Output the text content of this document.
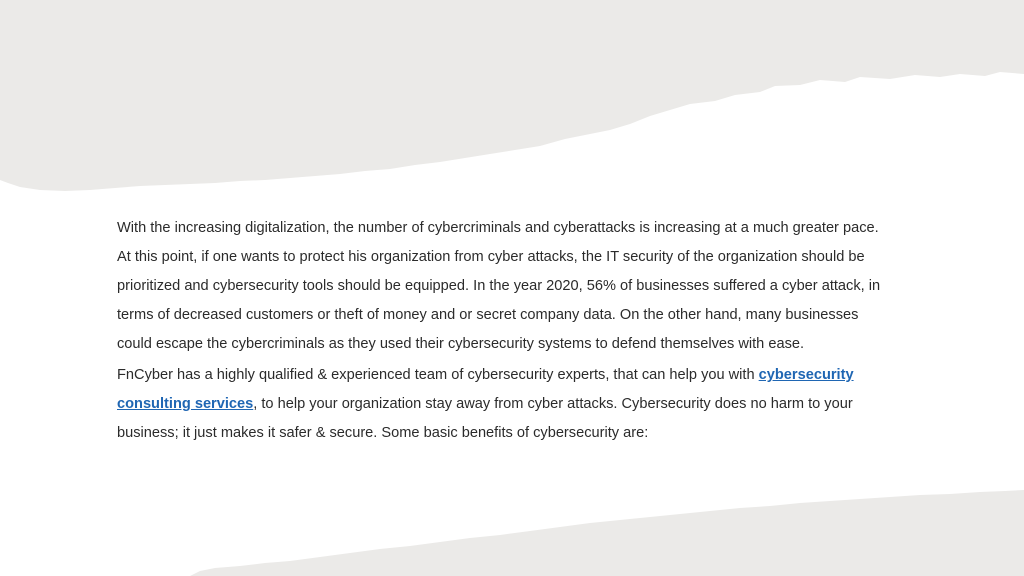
With the increasing digitalization, the number of cybercriminals and cyberattacks is increasing at a much greater pace. At this point, if one wants to protect his organization from cyber attacks, the IT security of the organization should be prioritized and cybersecurity tools should be equipped. In the year 2020, 56% of businesses suffered a cyber attack, in terms of decreased customers or theft of money and or secret company data. On the other hand, many businesses could escape the cybercriminals as they used their cybersecurity systems to defend themselves with ease.

FnCyber has a highly qualified & experienced team of cybersecurity experts, that can help you with cybersecurity consulting services, to help your organization stay away from cyber attacks. Cybersecurity does no harm to your business; it just makes it safer & secure. Some basic benefits of cybersecurity are:
